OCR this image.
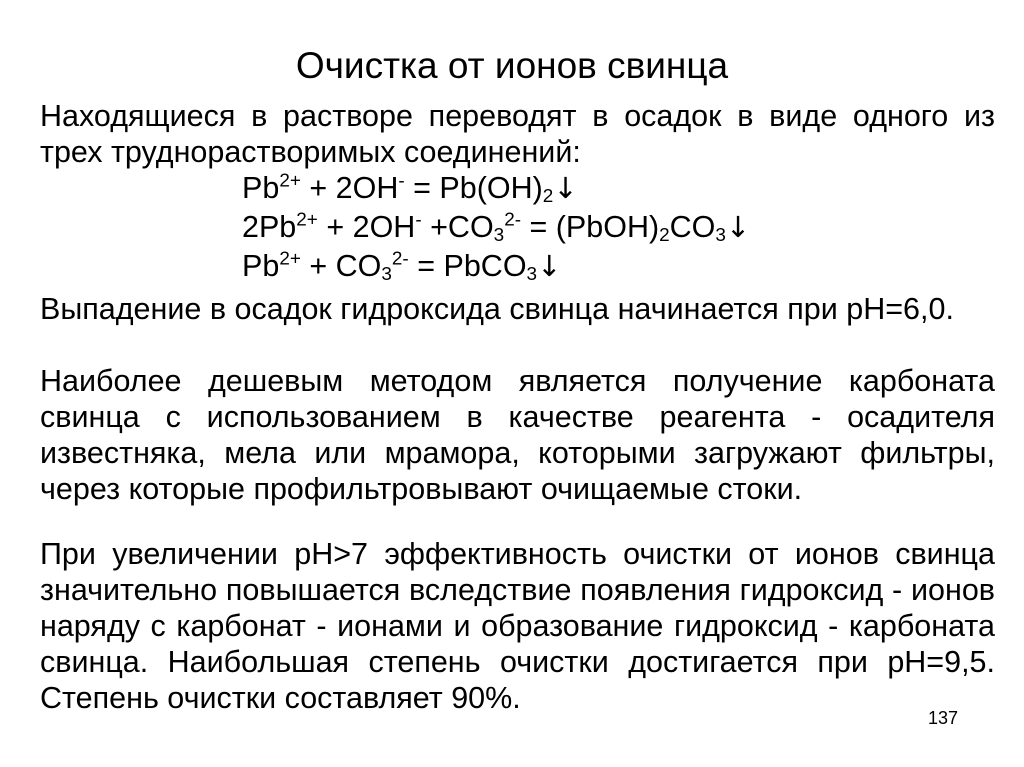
Очистка от ионов свинца
Находящиеся в растворе переводят в осадок в виде одного из трех труднорастворимых соединений:
$Pb^{2+} + 2OH^-$ = $Pb(OH)_2↓$
$2Pb^{2+} + 2OH^- +CO_3^{2-}$ = $(PbOH)_2CO_3↓$
$Pb^{2+} + CO_3^{2-}$ = PbCO$_3$↓
Выпадение в осадок гидроксида свинца начинается при pH=6,0.
Наиболее дешевым методом является получение карбоната свинца с использованием в качестве реагента - осадителя известняка, мела или мрамора, которыми загружают фильтры, через которые профильтровывают очищаемые стоки.
При увеличении pH>7 эффективность очистки от ионов свинца значительно повышается вследствие появления гидроксид - ионов наряду с карбонат - ионами и образование гидроксид - карбоната свинца. Наибольшая степень очистки достигается при pH=9,5. Степень очистки составляет 90%.
137
